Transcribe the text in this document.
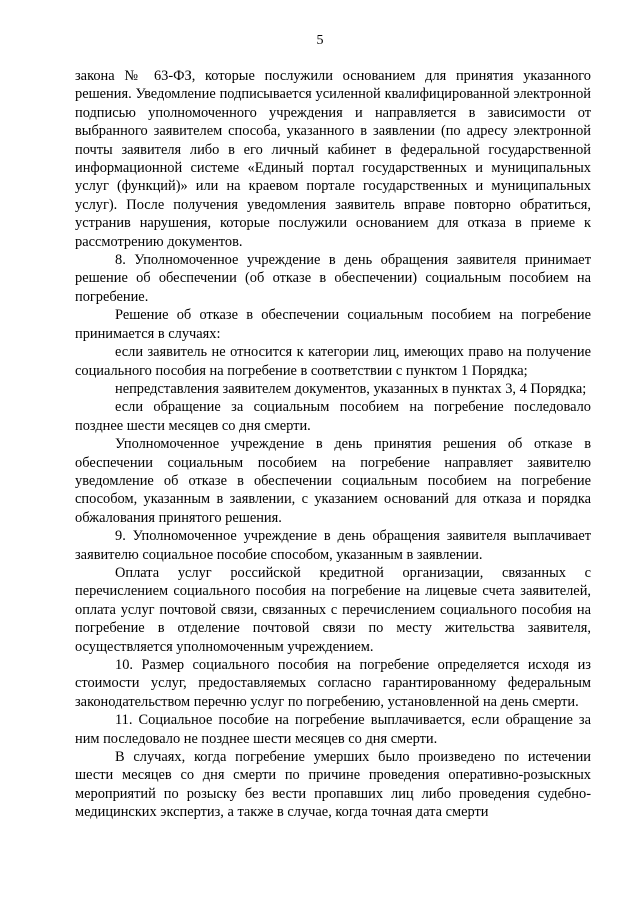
5

закона № 63-ФЗ, которые послужили основанием для принятия указанного решения. Уведомление подписывается усиленной квалифицированной электронной подписью уполномоченного учреждения и направляется в зависимости от выбранного заявителем способа, указанного в заявлении (по адресу электронной почты заявителя либо в его личный кабинет в федеральной государственной информационной системе «Единый портал государственных и муниципальных услуг (функций)» или на краевом портале государственных и муниципальных услуг). После получения уведомления заявитель вправе повторно обратиться, устранив нарушения, которые послужили основанием для отказа в приеме к рассмотрению документов.

8. Уполномоченное учреждение в день обращения заявителя принимает решение об обеспечении (об отказе в обеспечении) социальным пособием на погребение.

Решение об отказе в обеспечении социальным пособием на погребение принимается в случаях:

если заявитель не относится к категории лиц, имеющих право на получение социального пособия на погребение в соответствии с пунктом 1 Порядка;

непредставления заявителем документов, указанных в пунктах 3, 4 Порядка;

если обращение за социальным пособием на погребение последовало позднее шести месяцев со дня смерти.

Уполномоченное учреждение в день принятия решения об отказе в обеспечении социальным пособием на погребение направляет заявителю уведомление об отказе в обеспечении социальным пособием на погребение способом, указанным в заявлении, с указанием оснований для отказа и порядка обжалования принятого решения.

9. Уполномоченное учреждение в день обращения заявителя выплачивает заявителю социальное пособие способом, указанным в заявлении.

Оплата услуг российской кредитной организации, связанных с перечислением социального пособия на погребение на лицевые счета заявителей, оплата услуг почтовой связи, связанных с перечислением социального пособия на погребение в отделение почтовой связи по месту жительства заявителя, осуществляется уполномоченным учреждением.

10. Размер социального пособия на погребение определяется исходя из стоимости услуг, предоставляемых согласно гарантированному федеральным законодательством перечню услуг по погребению, установленной на день смерти.

11. Социальное пособие на погребение выплачивается, если обращение за ним последовало не позднее шести месяцев со дня смерти.

В случаях, когда погребение умерших было произведено по истечении шести месяцев со дня смерти по причине проведения оперативно-розыскных мероприятий по розыску без вести пропавших лиц либо проведения судебно-медицинских экспертиз, а также в случае, когда точная дата смерти
